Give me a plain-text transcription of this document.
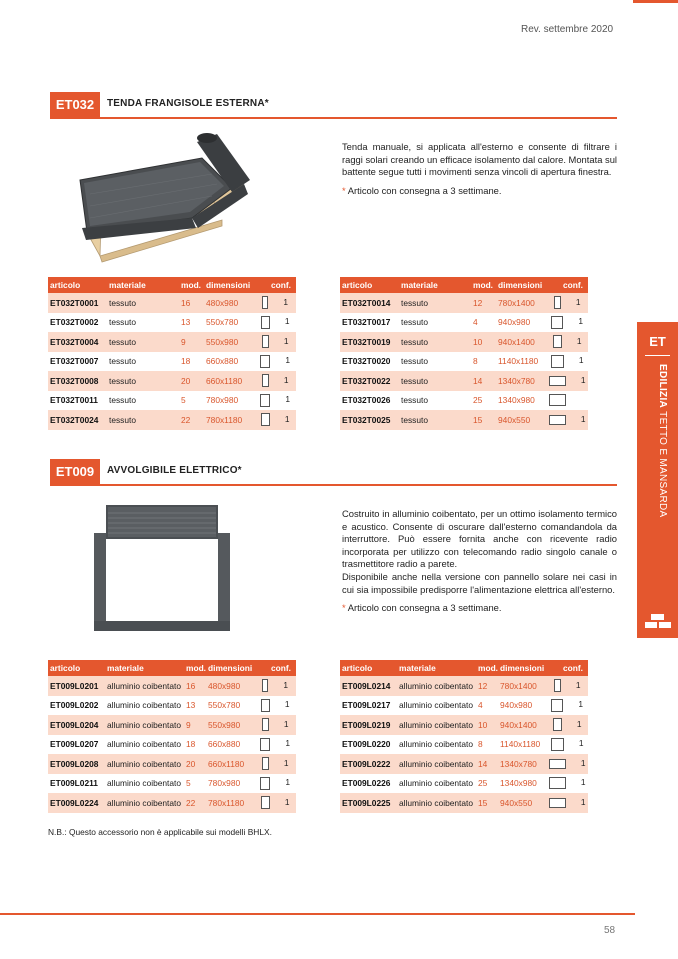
Rev. settembre 2020
ET032	TENDA FRANGISOLE ESTERNA*

Tenda manuale, si applicata all'esterno e consente di filtrare i raggi solari creando un efficace isolamento dal calore. Montata sul battente segue tutti i movimenti senza vincoli di apertura finestra.

* Articolo con consegna a 3 settimane.

articolo	materiale	mod.	dimensioni	conf.
ET032T0001	tessuto	16	480x980	1
ET032T0002	tessuto	13	550x780	1
ET032T0004	tessuto	9	550x980	1
ET032T0007	tessuto	18	660x880	1
ET032T0008	tessuto	20	660x1180	1
ET032T0011	tessuto	5	780x980	1
ET032T0024	tessuto	22	780x1180	1
articolo	materiale	mod.	dimensioni	conf.
ET032T0014	tessuto	12	780x1400	1
ET032T0017	tessuto	4	940x980	1
ET032T0019	tessuto	10	940x1400	1
ET032T0020	tessuto	8	1140x1180	1
ET032T0022	tessuto	14	1340x780	1
ET032T0026	tessuto	25	1340x980	
ET032T0025	tessuto	15	940x550	1
ET009	AVVOLGIBILE ELETTRICO*

Costruito in alluminio coibentato, per un ottimo isolamento termico e acustico. Consente di oscurare dall'esterno comandandola da interruttore. Può essere fornita anche con ricevente radio incorporata per utilizzo con telecomando radio singolo canale o trasmettitore radio a parete.

Disponibile anche nella versione con pannello solare nei casi in cui sia impossibile predisporre l'alimentazione elettrica all'esterno.

* Articolo con consegna a 3 settimane.

articolo	materiale	mod.	dimensioni	conf.
ET009L0201	alluminio coibentato	16	480x980	1
ET009L0202	alluminio coibentato	13	550x780	1
ET009L0204	alluminio coibentato	9	550x980	1
ET009L0207	alluminio coibentato	18	660x880	1
ET009L0208	alluminio coibentato	20	660x1180	1
ET009L0211	alluminio coibentato	5	780x980	1
ET009L0224	alluminio coibentato	22	780x1180	1
articolo	materiale	mod.	dimensioni	conf.
ET009L0214	alluminio coibentato	12	780x1400	1
ET009L0217	alluminio coibentato	4	940x980	1
ET009L0219	alluminio coibentato	10	940x1400	1
ET009L0220	alluminio coibentato	8	1140x1180	1
ET009L0222	alluminio coibentato	14	1340x780	1
ET009L0226	alluminio coibentato	25	1340x980	1
ET009L0225	alluminio coibentato	15	940x550	1
N.B.: Questo accessorio non è applicabile sui modelli BHLX.
58
ET
EDILIZIA TETTO E MANSARDA
